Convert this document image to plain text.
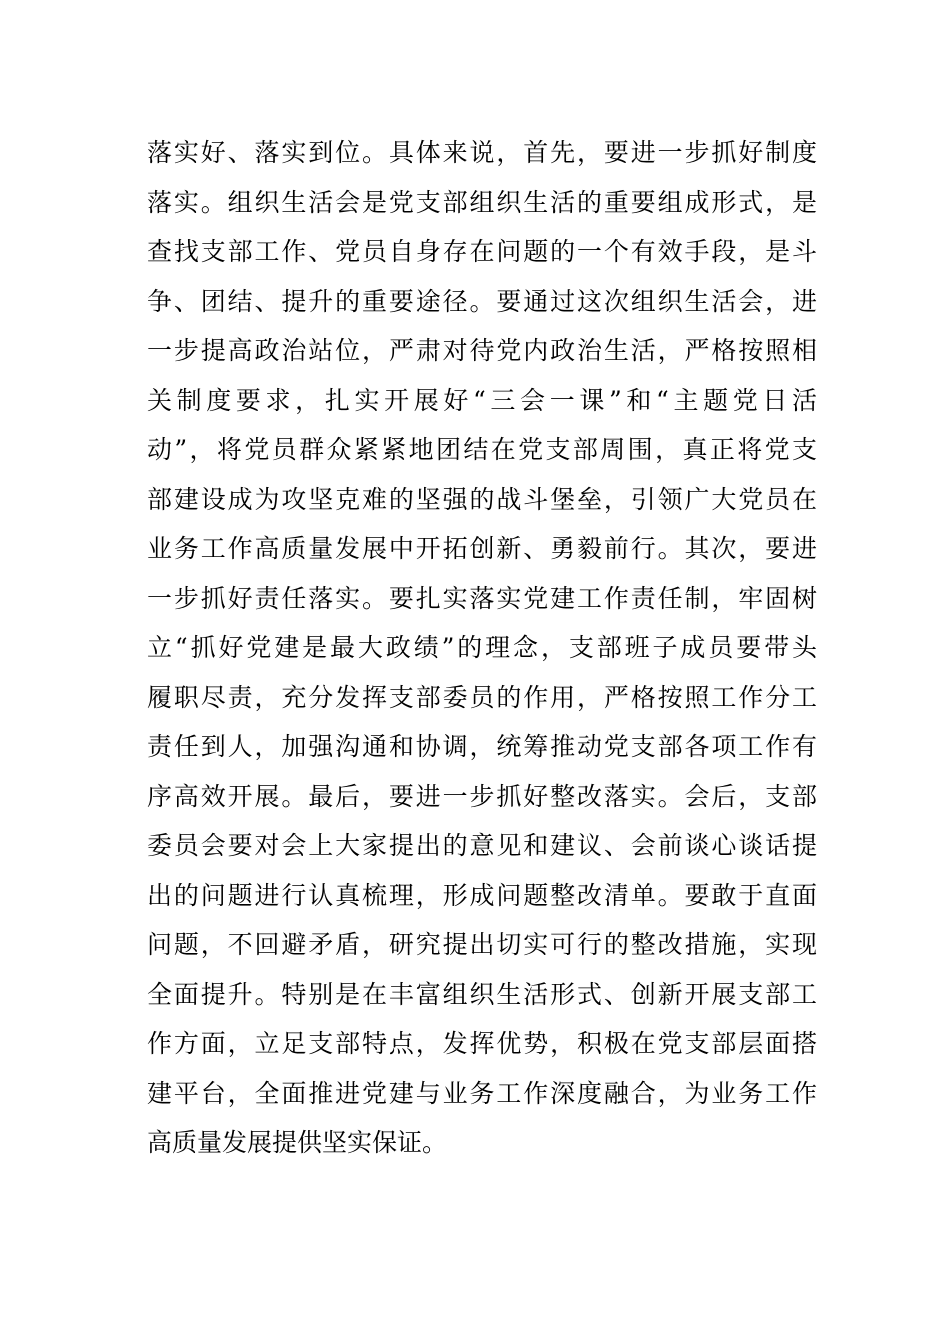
落实好、落实到位。具体来说，首先，要进一步抓好制度
落实。组织生活会是党支部组织生活的重要组成形式，是
查找支部工作、党员自身存在问题的一个有效手段，是斗
争、团结、提升的重要途径。要通过这次组织生活会，进
一步提高政治站位，严肃对待党内政治生活，严格按照相
关制度要求，扎实开展好“三会一课”和“主题党日活
动”，将党员群众紧紧地团结在党支部周围，真正将党支
部建设成为攻坚克难的坚强的战斗堡垒，引领广大党员在
业务工作高质量发展中开拓创新、勇毅前行。其次，要进
一步抓好责任落实。要扎实落实党建工作责任制，牢固树
立“抓好党建是最大政绩”的理念，支部班子成员要带头
履职尽责，充分发挥支部委员的作用，严格按照工作分工
责任到人，加强沟通和协调，统筹推动党支部各项工作有
序高效开展。最后，要进一步抓好整改落实。会后，支部
委员会要对会上大家提出的意见和建议、会前谈心谈话提
出的问题进行认真梳理，形成问题整改清单。要敢于直面
问题，不回避矛盾，研究提出切实可行的整改措施，实现
全面提升。特别是在丰富组织生活形式、创新开展支部工
作方面，立足支部特点，发挥优势，积极在党支部层面搭
建平台，全面推进党建与业务工作深度融合，为业务工作
高质量发展提供坚实保证。
